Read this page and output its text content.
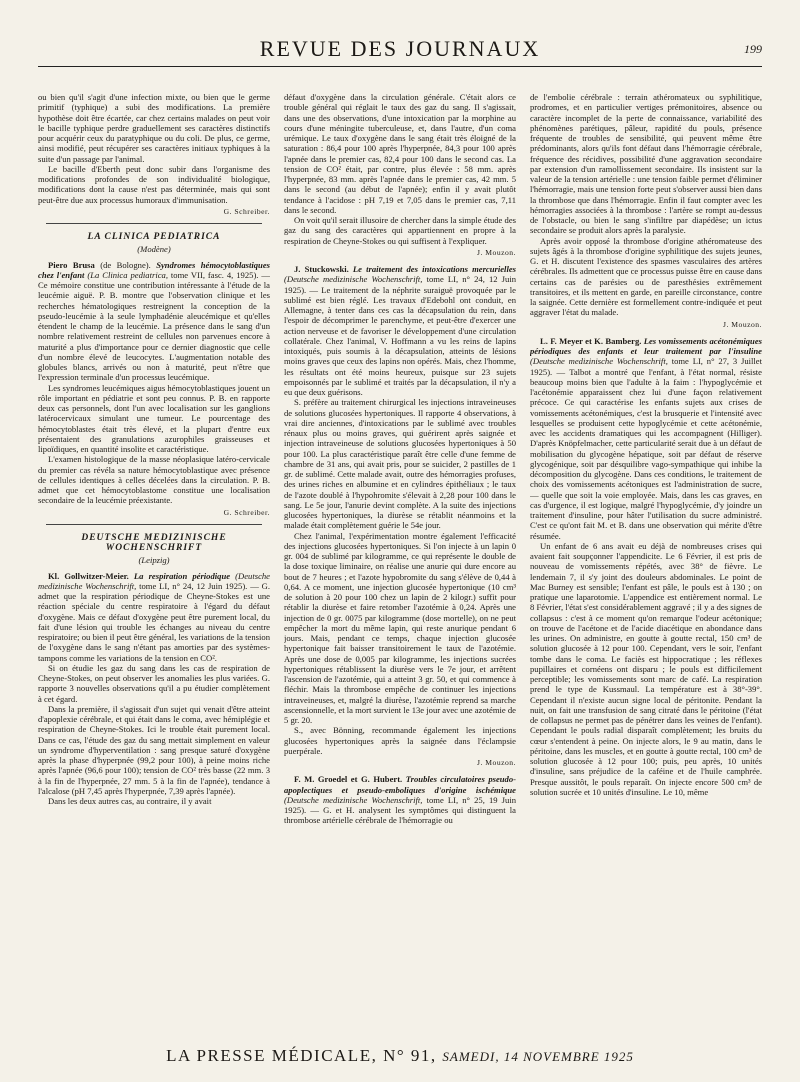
REVUE DES JOURNAUX	199

ou bien qu'il s'agit d'une infection mixte, ou bien que le germe primitif (typhique) a subi des modifications. La première hypothèse doit être écartée, car chez certains malades on peut voir le bacille typhique perdre graduellement ses caractères distinctifs pour acquérir ceux du paratyphique ou du coli. De plus, ce germe, ainsi modifié, peut récupérer ses caractères initiaux typhiques à la suite d'un passage par l'animal.

Le bacille d'Eberth peut donc subir dans l'organisme des modifications profondes de son individualité biologique, modifications dont la cause n'est pas déterminée, mais qui sont peut-être due aux processus humoraux d'immunisation.

G. Schreiber.
LA CLINICA PEDIATRICA
(Modène)

Piero Brusa (de Bologne). Syndromes hémocytoblastiques chez l'enfant (La Clinica pediatrica, tome VII, fasc. 4, 1925). — Ce mémoire constitue une contribution intéressante à l'étude de la leucémie aiguë. P. B. montre que l'observation clinique et les recherches hématologiques restreignent la conception de la pseudo-leucémie à la seule lymphadénie aleucémique et qu'elles étendent le champ de la leucémie. La présence dans le sang d'un nombre relativement restreint de cellules non parvenues encore à maturité a plus d'importance pour ce dernier diagnostic que celle d'un nombre élevé de leucocytes. L'augmentation notable des globules blancs, arrivés ou non à maturité, peut n'être que l'expression terminale d'un processus leucémique.

Les syndromes leucémiques aigus hémocytoblastiques jouent un rôle important en pédiatrie et sont peu connus. P. B. en rapporte deux cas personnels, dont l'un avec localisation sur les ganglions latérocervicaux simulant une tumeur. Le pourcentage des hémocytoblastes était très élevé, et la plupart d'entre eux présentaient des granulations azurophiles graisseuses et lipoïdiques, en quantité insolite et caractéristique.

L'examen histologique de la masse néoplasique latéro-cervicale du premier cas révéla sa nature hémocytoblastique avec présence de cellules identiques à celles décelées dans la circulation. P. B. admet que cet hémocytoblastome constitue une localisation secondaire de la leucémie préexistante.

G. Schreiber.
DEUTSCHE MEDIZINISCHE WOCHENSCHRIFT
(Leipzig)

Kl. Gollwitzer-Meier. La respiration périodique (Deutsche medizinische Wochenschrift, tome LI, n° 24, 12 Juin 1925). — G. admet que la respiration périodique de Cheyne-Stokes est une réaction spéciale du centre respiratoire à l'égard du défaut d'oxygène. Mais ce défaut d'oxygène peut être purement local, du fait d'une lésion qui trouble les échanges au niveau du centre respiratoire; ou bien il peut être général, les variations de la tension de l'oxygène dans le sang n'étant pas amorties par des systèmes-tampons comme les variations de la tension en CO².

Si on étudie les gaz du sang dans les cas de respiration de Cheyne-Stokes, on peut observer les anomalies les plus variées. G. rapporte 3 nouvelles observations qu'il a pu étudier complètement à cet égard.

Dans la première, il s'agissait d'un sujet qui venait d'être atteint d'apoplexie cérébrale, et qui était dans le coma, avec hémiplégie et respiration de Cheyne-Stokes. Ici le trouble était purement local. Dans ce cas, l'étude des gaz du sang mettait simplement en valeur un syndrome d'hyperventilation : sang presque saturé d'oxygène après la phase d'hyperpnée (99,2 pour 100), à peine moins riche après l'apnée (96,6 pour 100); tension de CO² très basse (22 mm. 3 à la fin de l'hyperpnée, 27 mm. 5 à la fin de l'apnée), tendance à l'alcalose (pH 7,45 après l'hyperpnée, 7,39 après l'apnée).

Dans les deux autres cas, au contraire, il y avait

défaut d'oxygène dans la circulation générale. C'était alors ce trouble général qui réglait le taux des gaz du sang. Il s'agissait, dans une des observations, d'une intoxication par la morphine au cours d'une méningite tuberculeuse, et, dans l'autre, d'un coma urémique. Le taux d'oxygène dans le sang était très éloigné de la saturation : 86,4 pour 100 après l'hyperpnée, 84,3 pour 100 après l'apnée dans le premier cas, 82,4 pour 100 dans le second cas. La tension de CO² était, par contre, plus élevée : 58 mm. après l'hyperpnée, 83 mm. après l'apnée dans le premier cas, 42 mm. 5 dans le second (au début de l'apnée); enfin il y avait plutôt tendance à l'acidose : pH 7,19 et 7,05 dans le premier cas, 7,11 dans le second.

On voit qu'il serait illusoire de chercher dans la simple étude des gaz du sang des caractères qui appartiennent en propre à la respiration de Cheyne-Stokes ou qui suffisent à l'expliquer.

J. Mouzon.

J. Stuckowski. Le traitement des intoxications mercurielles (Deutsche medizinische Wochenschrift, tome LI, n° 24, 12 Juin 1925). — Le traitement de la néphrite suraiguë provoquée par le sublimé est bien réglé. Les travaux d'Edebohl ont conduit, en Allemagne, à tenter dans ces cas la décapsulation du rein, dans l'espoir de décomprimer le parenchyme, et peut-être d'exercer une action nerveuse et de favoriser le développement d'une circulation collatérale. Chez l'animal, V. Hoffmann a vu les reins de lapins intoxiqués, puis soumis à la décapsulation, atteints de lésions moins graves que ceux des lapins non opérés. Mais, chez l'homme, les résultats ont été moins heureux, puisque sur 23 sujets empoisonnés par le sublimé et traités par la décapsulation, il n'y a eu que deux guérisons.

S. préfère au traitement chirurgical les injections intraveineuses de solutions glucosées hypertoniques. Il rapporte 4 observations, à vrai dire anciennes, d'intoxications par le sublimé avec troubles rénaux plus ou moins graves, qui guérirent après saignée et injection intraveineuse de solutions glucosées hypertoniques à 50 pour 100. La plus caractéristique paraît être celle d'une femme de chambre de 31 ans, qui avait pris, pour se suicider, 2 pastilles de 1 gr. de sublimé. Cette malade avait, outre des hémorragies profuses, des urines riches en albumine et en cylindres épithéliaux ; le taux de l'azote doublé à l'hypohromite s'élevait à 2,28 pour 100 dans le sang. Le 5e jour, l'anurie devint complète. A la suite des injections glucosées hypertoniques, la diurèse se rétablit néanmoins et la malade était complètement guérie le 54e jour.

Chez l'animal, l'expérimentation montre également l'efficacité des injections glucosées hypertoniques. Si l'on injecte à un lapin 0 gr. 004 de sublimé par kilogramme, ce qui représente le double de la dose toxique liminaire, on réalise une anurie qui dure encore au bout de 7 heures ; et l'azote hypobromite du sang s'élève de 0,44 à 0,64. A ce moment, une injection glucosée hypertonique (10 cm³ de solution à 20 pour 100 chez un lapin de 2 kilogr.) suffit pour rétablir la diurèse et faire retomber l'azotémie à 0,24. Après une injection de 0 gr. 0075 par kilogramme (dose mortelle), on ne peut empêcher la mort du même lapin, qui reste anurique pendant 6 jours. Mais, pendant ce temps, chaque injection glucosée hypertonique fait baisser transitoirement le taux de l'azotémie. Après une dose de 0,005 par kilogramme, les injections sucrées hypertoniques rétablissent la diurèse vers le 7e jour, et arrêtent l'ascension de l'azotémie, qui a atteint 3 gr. 50, et qui commence à fléchir. Mais la thrombose empêche de continuer les injections intraveineuses, et, malgré la diurèse, l'azotémie reprend sa marche ascensionnelle, et la mort survient le 13e jour avec une azotémie de 5 gr. 20.

S., avec Bönning, recommande également les injections glucosées hypertoniques après la saignée dans l'éclampsie puerpérale.

J. Mouzon.

F. M. Groedel et G. Hubert. Troubles circulatoires pseudo-apoplectiques et pseudo-emboliques d'origine ischémique (Deutsche medizinische Wochenschrift, tome LI, n° 25, 19 Juin 1925). — G. et H. analysent les symptômes qui distinguent la thrombose artérielle cérébrale de l'hémorragie ou

de l'embolie cérébrale : terrain athéromateux ou syphilitique, prodromes, et en particulier vertiges prémonitoires, absence ou caractère incomplet de la perte de connaissance, variabilité des phénomènes parétiques, pâleur, rapidité du pouls, présence fréquente de troubles de sensibilité, qui peuvent même être prédominants, alors qu'ils font défaut dans l'hémorragie cérébrale, fréquence des récidives, possibilité d'une aggravation secondaire par extension d'un ramollissement secondaire. Ils insistent sur la valeur de la tension artérielle : une tension faible permet d'éliminer l'hémorragie, mais une tension forte peut s'observer aussi bien dans la thrombose que dans l'hémorragie. Enfin il faut compter avec les hémorragies associées à la thrombose : l'artère se rompt au-dessus de l'obstacle, ou bien le sang s'infiltre par diapédèse; un ictus secondaire se produit alors après la paralysie.

Après avoir opposé la thrombose d'origine athéromateuse des sujets âgés à la thrombose d'origine syphilitique des sujets jeunes, G. et H. discutent l'existence des spasmes vasculaires des artères cérébrales. Ils admettent que ce processus puisse être en cause dans certains cas de parésies ou de paresthésies extrêmement transitoires, et ils mettent en garde, en pareille circonstance, contre la saignée. Cette dernière est formellement contre-indiquée et peut aggraver l'état du malade.

J. Mouzon.

L. F. Meyer et K. Bamberg. Les vomissements acétonémiques périodiques des enfants et leur traitement par l'insuline (Deutsche medizinische Wochenschrift, tome LI, n° 27, 3 Juillet 1925). — Talbot a montré que l'enfant, à l'état normal, résiste beaucoup moins bien que l'adulte à la faim : l'hypoglycémie et l'acétonémie apparaissent chez lui d'une façon relativement précoce. Ce qui caractérise les enfants sujets aux crises de vomissements acétonémiques, c'est la brusquerie et l'intensité avec lesquelles se produisent cette hypoglycémie et cette acétonémie, avec les accidents dramatiques qui les accompagnent (Hilliger). D'après Knöpfelmacher, cette particularité serait due à un défaut de mobilisation du glycogène hépatique, soit par défaut de réserve glycogénique, soit par désquilibre vago-sympathique qui inhibe la décomposition du glycogène. Dans ces conditions, le traitement de choix des vomissements acétoniques est l'administration de sucre, — quelle que soit la voie employée. Mais, dans les cas graves, en cas d'urgence, il est logique, malgré l'hypoglycémie, d'y joindre un traitement d'insuline, pour hâter l'utilisation du sucre administré. C'est ce qu'ont fait M. et B. dans une observation qui mérite d'être résumée.

Un enfant de 6 ans avait eu déjà de nombreuses crises qui avaient fait soupçonner l'appendicite. Le 6 Février, il est pris de nouveau de vomissements répétés, avec 38° de fièvre. Le lendemain 7, il s'y joint des douleurs abdominales. Le point de Mac Burney est sensible; l'enfant est pâle, le pouls est à 130 ; on pratique une laparotomie. L'appendice est entièrement normal. Le 8 Février, l'état s'est considérablement aggravé ; il y a des signes de collapsus : c'est à ce moment qu'on remarque l'odeur acétonique; on trouve de l'acétone et de l'acide diacétique en abondance dans les urines. On administre, en goutte à goutte rectal, 150 cm³ de solution glucosée à 12 pour 100. Cependant, vers le soir, l'enfant tombe dans le coma. Le faciès est hippocratique ; les réflexes pupillaires et cornéens ont disparu ; le pouls est difficilement perceptible; les vomissements sont marc de café. La respiration prend le type de Kussmaul. La température est à 38°-39°. Cependant il n'existe aucun signe local de péritonite. Pendant la nuit, on fait une transfusion de sang citraté dans le péritoine (l'état de collapsus ne permet pas de pénétrer dans les veines de l'enfant). Cependant le pouls radial disparaît complètement; les bruits du cœur s'entendent à peine. On injecte alors, le 9 au matin, dans le péritoine, dans les muscles, et en goutte à goutte rectal, 100 cm³ de solution glucosée à 12 pour 100; puis, peu après, 10 unités d'insuline, sans préjudice de la caféine et de l'huile camphrée. Presque aussitôt, le pouls reparaît. On injecte encore 500 cm³ de solution sucrée et 10 unités d'insuline. Le 10, même

LA PRESSE MÉDICALE, N° 91, SAMEDI, 14 NOVEMBRE 1925
